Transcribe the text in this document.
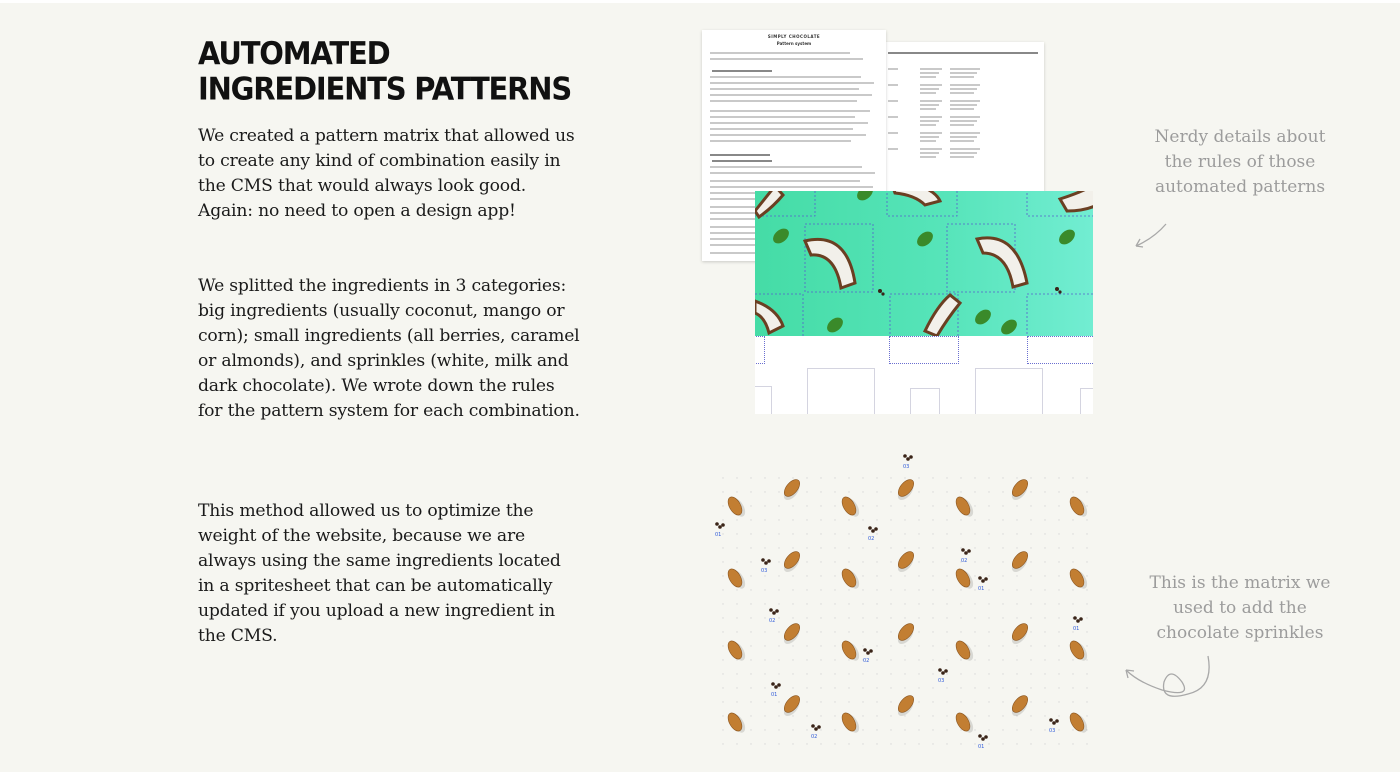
AUTOMATED INGREDIENTS PATTERNS

We created a pattern matrix that allowed us to create any kind of combination easily in the CMS that would always look good. Again: no need to open a design app!

We splitted the ingredients in 3 categories: big ingredients (usually coconut, mango or corn); small ingredients (all berries, caramel or almonds), and sprinkles (white, milk and dark chocolate). We wrote down the rules for the pattern system for each combination.

This method allowed us to optimize the weight of the website, because we are always using the same ingredients located in a spritesheet that can be automatically updated if you upload a new ingredient in the CMS.

SIMPLY CHOCOLATE
Pattern system
Nerdy details about the rules of those automated patterns
01
02
03
03
02
01
02
02
01
01
03
02
03
01
This is the matrix we used to add the chocolate sprinkles
